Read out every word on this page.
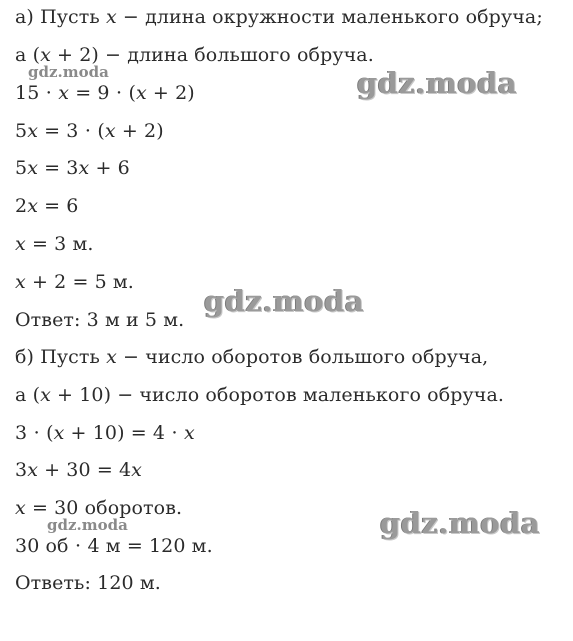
а) Пусть 𝑥 − длина окружности маленького обруча;
а (𝑥 + 2) − длина большого обруча.
15 ⋅ 𝑥 = 9 ⋅ (𝑥 + 2)
5𝑥 = 3 ⋅ (𝑥 + 2)
5𝑥 = 3𝑥 + 6
2𝑥 = 6
𝑥 = 3 м.
𝑥 + 2 = 5 м.
Ответ: 3 м и 5 м.
б) Пусть 𝑥 − число оборотов большого обруча,
а (𝑥 + 10) − число оборотов маленького обруча.
3 ⋅ (𝑥 + 10) = 4 ⋅ 𝑥
3𝑥 + 30 = 4𝑥
𝑥 = 30 оборотов.
30 об ⋅ 4 м = 120 м.
Ответь: 120 м.
gdz.moda
gdz.moda
gdz.moda
gdz.moda
gdz.moda
